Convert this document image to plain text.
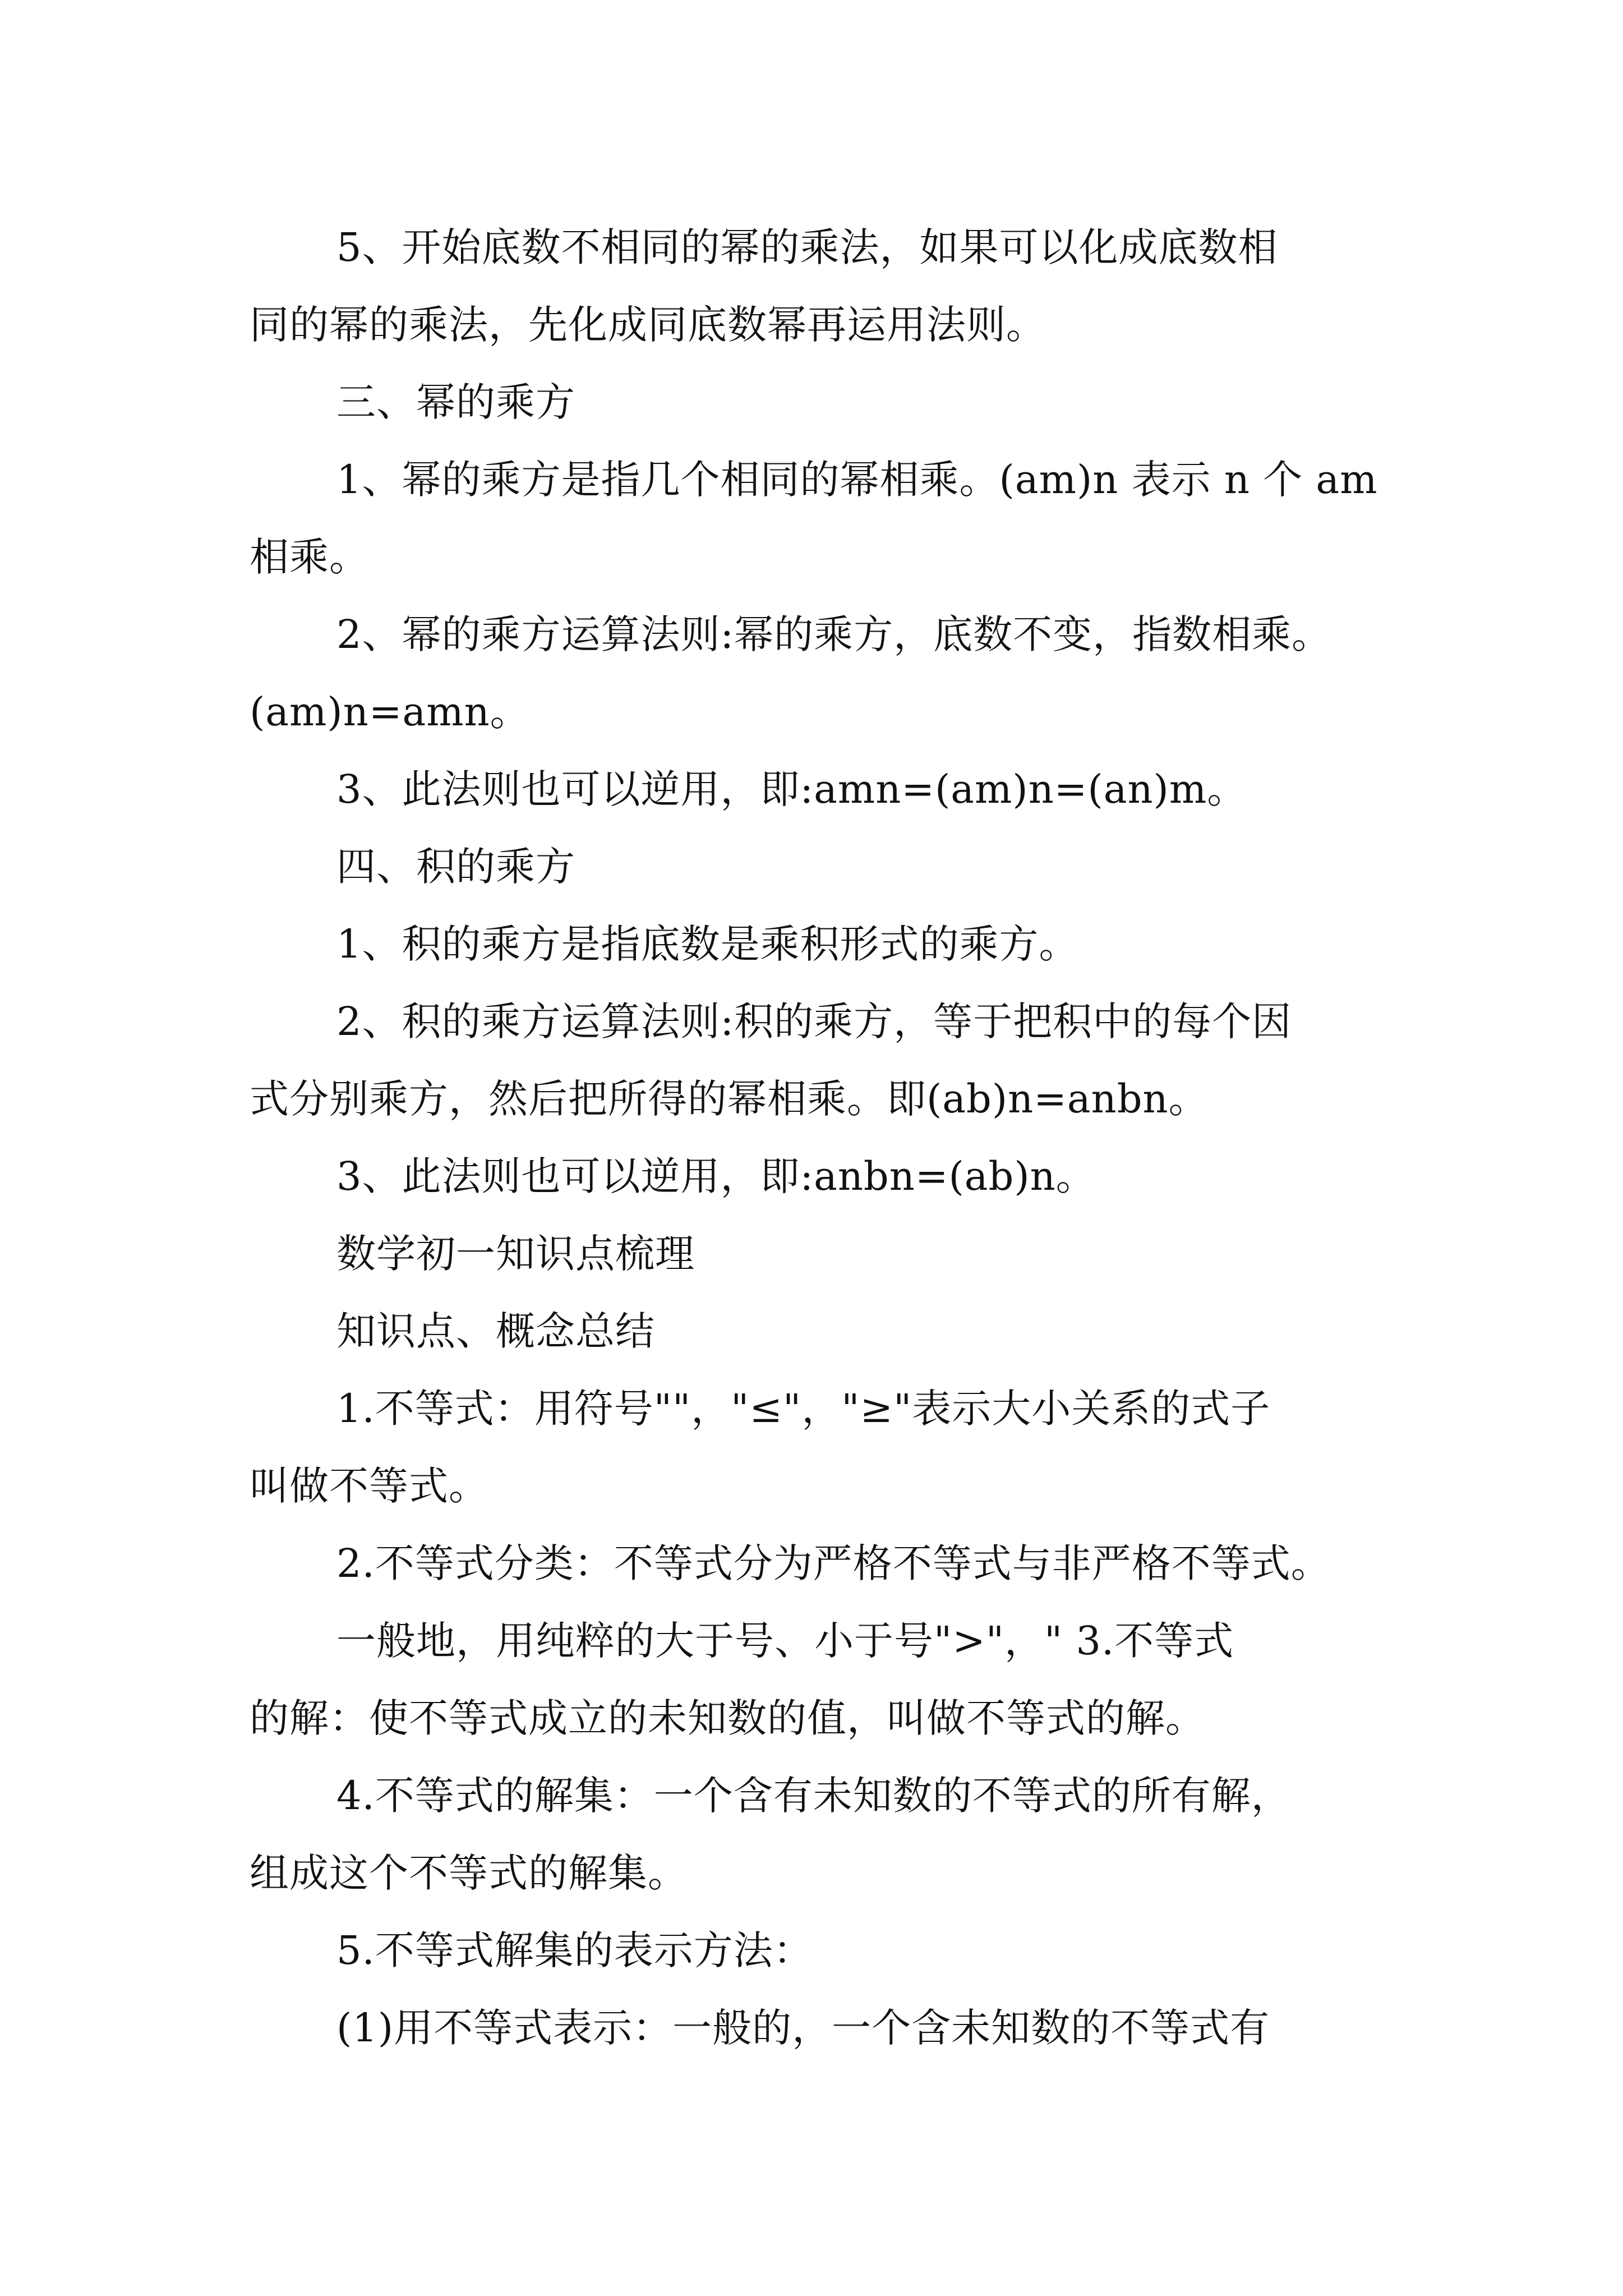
5、开始底数不相同的幂的乘法，如果可以化成底数相
同的幂的乘法，先化成同底数幂再运用法则。
三、幂的乘方
1、幂的乘方是指几个相同的幂相乘。(am)n 表示 n 个 am
相乘。
2、幂的乘方运算法则:幂的乘方，底数不变，指数相乘。
(am)n=amn。
3、此法则也可以逆用，即:amn=(am)n=(an)m。
四、积的乘方
1、积的乘方是指底数是乘积形式的乘方。
2、积的乘方运算法则:积的乘方，等于把积中的每个因
式分别乘方，然后把所得的幂相乘。即(ab)n=anbn。
3、此法则也可以逆用，即:anbn=(ab)n。
数学初一知识点梳理
知识点、概念总结
1.不等式：用符号""，"≤"，"≥"表示大小关系的式子
叫做不等式。
2.不等式分类：不等式分为严格不等式与非严格不等式。
一般地，用纯粹的大于号、小于号">"，" 3.不等式
的解：使不等式成立的未知数的值，叫做不等式的解。
4.不等式的解集：一个含有未知数的不等式的所有解，
组成这个不等式的解集。
5.不等式解集的表示方法：
(1)用不等式表示：一般的，一个含未知数的不等式有
